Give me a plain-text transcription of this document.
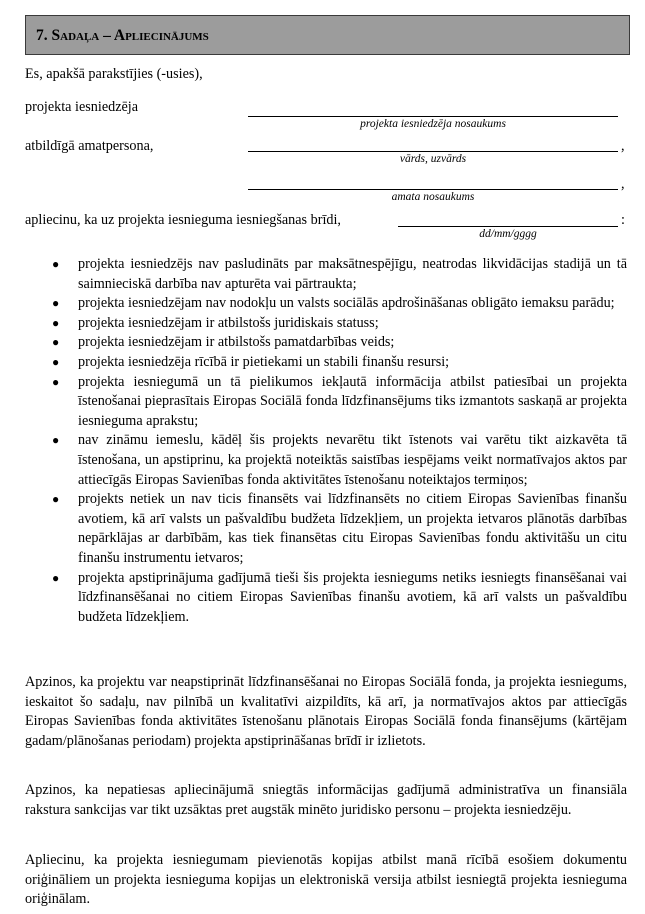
7. Sadaļa – Apliecinājums
Es, apakšā parakstījies (-usies),
projekta iesniedzēja
projekta iesniedzēja nosaukums
atbildīgā amatpersona,	,
vārds, uzvārds
,
amata nosaukums
apliecinu, ka uz projekta iesnieguma iesniegšanas brīdi,	:
dd/mm/gggg
● projekta iesniedzējs nav pasludināts par maksātnespējīgu, neatrodas likvidācijas stadijā un tā saimnieciskā darbība nav apturēta vai pārtraukta;
● projekta iesniedzējam nav nodokļu un valsts sociālās apdrošināšanas obligāto iemaksu parādu;
● projekta iesniedzējam ir atbilstošs juridiskais statuss;
● projekta iesniedzējam ir atbilstošs pamatdarbības veids;
● projekta iesniedzēja rīcībā ir pietiekami un stabili finanšu resursi;
● projekta iesniegumā un tā pielikumos iekļautā informācija atbilst patiesībai un projekta īstenošanai pieprasītais Eiropas Sociālā fonda līdzfinansējums tiks izmantots saskaņā ar projekta iesnieguma aprakstu;
● nav zināmu iemeslu, kādēļ šis projekts nevarētu tikt īstenots vai varētu tikt aizkavēta tā īstenošana, un apstiprinu, ka projektā noteiktās saistības iespējams veikt normatīvajos aktos par attiecīgās Eiropas Savienības fonda aktivitātes īstenošanu noteiktajos termiņos;
● projekts netiek un nav ticis finansēts vai līdzfinansēts no citiem Eiropas Savienības finanšu avotiem, kā arī valsts un pašvaldību budžeta līdzekļiem, un projekta ietvaros plānotās darbības nepārklājas ar darbībām, kas tiek finansētas citu Eiropas Savienības fondu aktivitāšu un citu finanšu instrumentu ietvaros;
● projekta apstiprinājuma gadījumā tieši šis projekta iesniegums netiks iesniegts finansēšanai vai līdzfinansēšanai no citiem Eiropas Savienības finanšu avotiem, kā arī valsts un pašvaldību budžeta līdzekļiem.
Apzinos, ka projektu var neapstiprināt līdzfinansēšanai no Eiropas Sociālā fonda, ja projekta iesniegums, ieskaitot šo sadaļu, nav pilnībā un kvalitatīvi aizpildīts, kā arī, ja normatīvajos aktos par attiecīgās Eiropas Savienības fonda aktivitātes īstenošanu plānotais Eiropas Sociālā fonda finansējums (kārtējam gadam/plānošanas periodam) projekta apstiprināšanas brīdī ir izlietots.
Apzinos, ka nepatiesas apliecinājumā sniegtās informācijas gadījumā administratīva un finansiāla rakstura sankcijas var tikt uzsāktas pret augstāk minēto juridisko personu – projekta iesniedzēju.
Apliecinu, ka projekta iesniegumam pievienotās kopijas atbilst manā rīcībā esošiem dokumentu oriģināliem un projekta iesnieguma kopijas un elektroniskā versija atbilst iesniegtā projekta iesnieguma oriģinālam.
